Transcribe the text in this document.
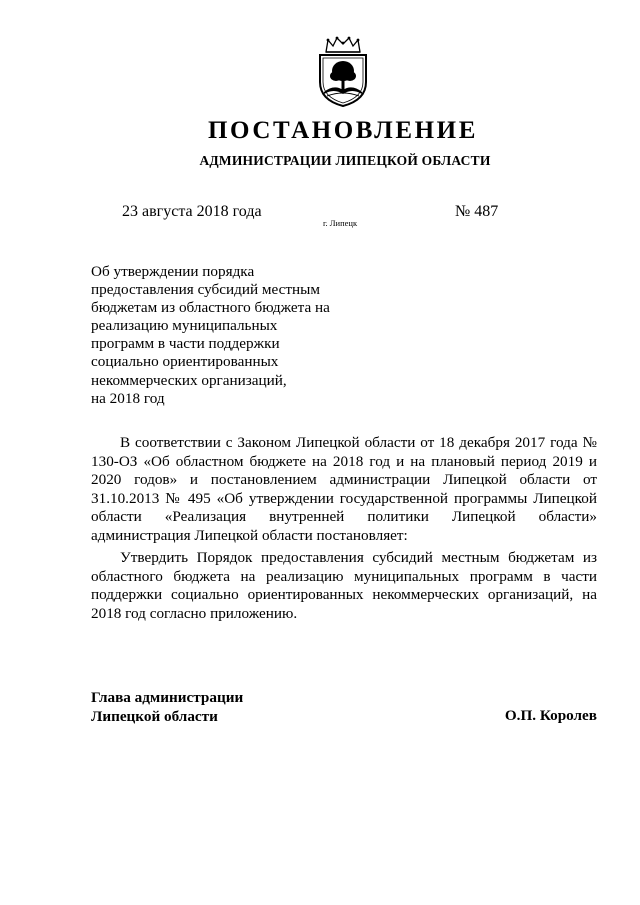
ПОСТАНОВЛЕНИЕ
АДМИНИСТРАЦИИ ЛИПЕЦКОЙ ОБЛАСТИ
23 августа 2018 года
г. Липецк
№ 487
Об утверждении порядка
предоставления субсидий местным
бюджетам из областного бюджета на
реализацию муниципальных
программ в части поддержки
социально ориентированных
некоммерческих организаций,
на 2018 год

В соответствии с Законом Липецкой области от 18 декабря 2017 года № 130-ОЗ «Об областном бюджете на 2018 год и на плановый период 2019 и 2020 годов» и постановлением администрации Липецкой области от 31.10.2013 № 495 «Об утверждении государственной программы Липецкой области «Реализация внутренней политики Липецкой области» администрация Липецкой области постановляет:

Утвердить Порядок предоставления субсидий местным бюджетам из областного бюджета на реализацию муниципальных программ в части поддержки социально ориентированных некоммерческих организаций, на 2018 год согласно приложению.

Глава администрации
Липецкой области	О.П. Королев
